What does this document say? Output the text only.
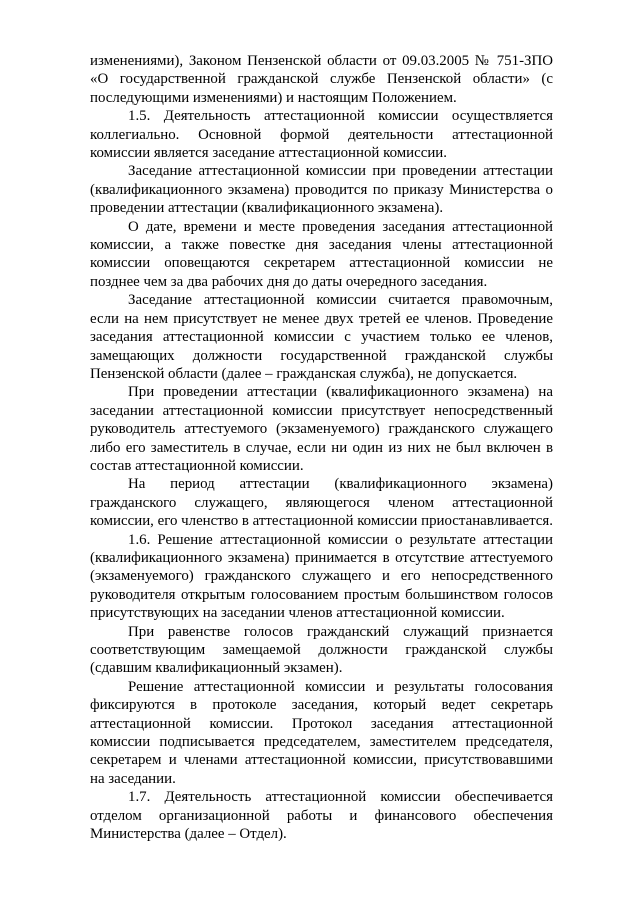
изменениями), Законом Пензенской области от 09.03.2005 № 751-ЗПО «О государственной гражданской службе Пензенской области» (с последующими изменениями) и настоящим Положением.

1.5. Деятельность аттестационной комиссии осуществляется коллегиально. Основной формой деятельности аттестационной комиссии является заседание аттестационной комиссии.

Заседание аттестационной комиссии при проведении аттестации (квалификационного экзамена) проводится по приказу Министерства о проведении аттестации (квалификационного экзамена).

О дате, времени и месте проведения заседания аттестационной комиссии, а также повестке дня заседания члены аттестационной комиссии оповещаются секретарем аттестационной комиссии не позднее чем за два рабочих дня до даты очередного заседания.

Заседание аттестационной комиссии считается правомочным, если на нем присутствует не менее двух третей ее членов. Проведение заседания аттестационной комиссии с участием только ее членов, замещающих должности государственной гражданской службы Пензенской области (далее – гражданская служба), не допускается.

При проведении аттестации (квалификационного экзамена) на заседании аттестационной комиссии присутствует непосредственный руководитель аттестуемого (экзаменуемого) гражданского служащего либо его заместитель в случае, если ни один из них не был включен в состав аттестационной комиссии.

На период аттестации (квалификационного экзамена) гражданского служащего, являющегося членом аттестационной комиссии, его членство в аттестационной комиссии приостанавливается.

1.6. Решение аттестационной комиссии о результате аттестации (квалификационного экзамена) принимается в отсутствие аттестуемого (экзаменуемого) гражданского служащего и его непосредственного руководителя открытым голосованием простым большинством голосов присутствующих на заседании членов аттестационной комиссии.

При равенстве голосов гражданский служащий признается соответствующим замещаемой должности гражданской службы (сдавшим квалификационный экзамен).

Решение аттестационной комиссии и результаты голосования фиксируются в протоколе заседания, который ведет секретарь аттестационной комиссии. Протокол заседания аттестационной комиссии подписывается председателем, заместителем председателя, секретарем и членами аттестационной комиссии, присутствовавшими на заседании.

1.7. Деятельность аттестационной комиссии обеспечивается отделом организационной работы и финансового обеспечения Министерства (далее – Отдел).
